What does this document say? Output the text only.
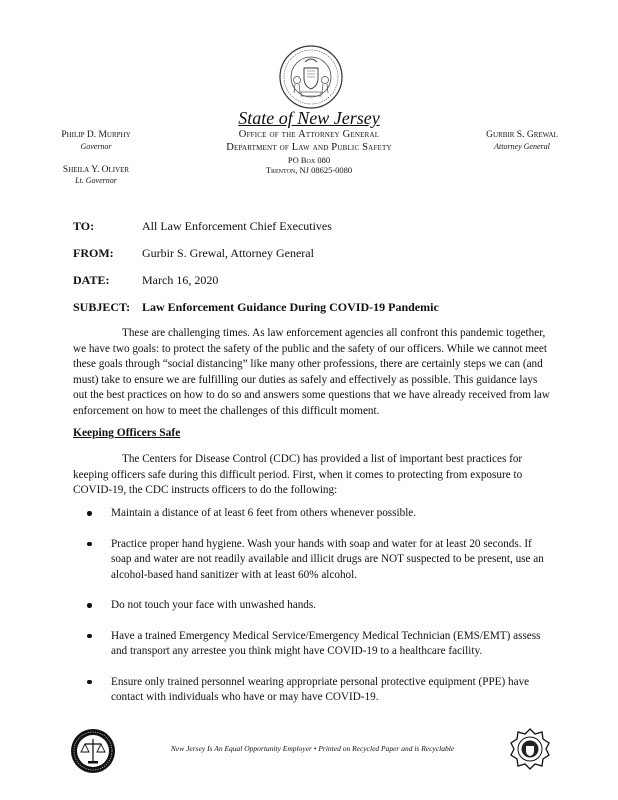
State of New Jersey
Office of the Attorney General
Department of Law and Public Safety
PO Box 080
Trenton, NJ 08625-0080
Philip D. Murphy
Governor
Sheila Y. Oliver
Lt. Governor
Gurbir S. Grewal
Attorney General
TO:	All Law Enforcement Chief Executives
FROM: Gurbir S. Grewal, Attorney General
DATE:	March 16, 2020
SUBJECT: Law Enforcement Guidance During COVID-19 Pandemic

These are challenging times. As law enforcement agencies all confront this pandemic together, we have two goals: to protect the safety of the public and the safety of our officers. While we cannot meet these goals through “social distancing” like many other professions, there are certainly steps we can (and must) take to ensure we are fulfilling our duties as safely and effectively as possible. This guidance lays out the best practices on how to do so and answers some questions that we have already received from law enforcement on how to meet the challenges of this difficult moment.

Keeping Officers Safe

The Centers for Disease Control (CDC) has provided a list of important best practices for keeping officers safe during this difficult period. First, when it comes to protecting from exposure to COVID-19, the CDC instructs officers to do the following:

Maintain a distance of at least 6 feet from others whenever possible.
Practice proper hand hygiene. Wash your hands with soap and water for at least 20 seconds. If soap and water are not readily available and illicit drugs are NOT suspected to be present, use an alcohol-based hand sanitizer with at least 60% alcohol.
Do not touch your face with unwashed hands.
Have a trained Emergency Medical Service/Emergency Medical Technician (EMS/EMT) assess and transport any arrestee you think might have COVID-19 to a healthcare facility.
Ensure only trained personnel wearing appropriate personal protective equipment (PPE) have contact with individuals who have or may have COVID-19.
New Jersey Is An Equal Opportunity Employer • Printed on Recycled Paper and is Recyclable
